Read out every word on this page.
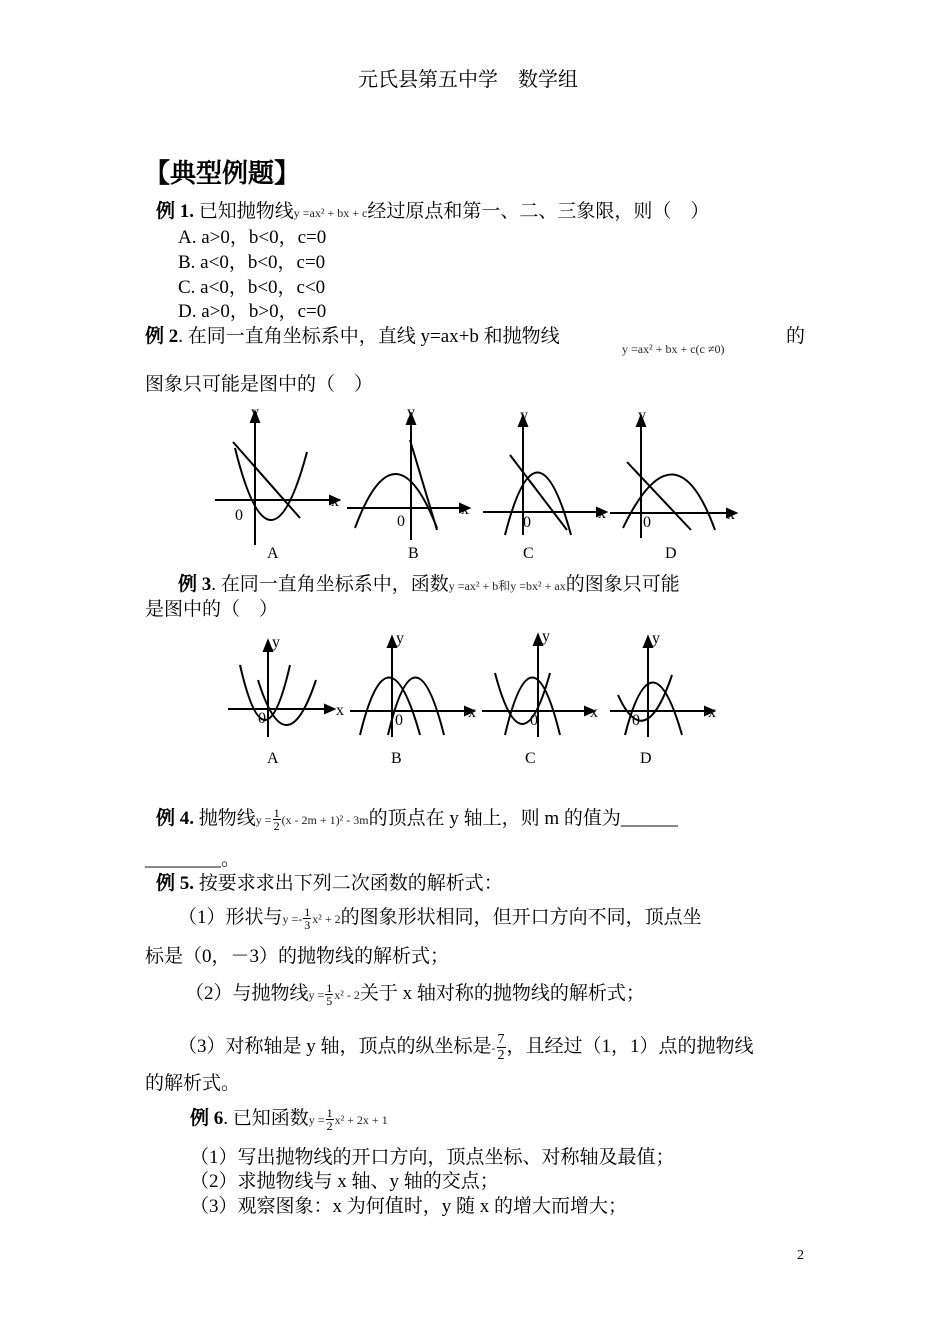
元氏县第五中学　数学组
【典型例题】
例 1. 已知抛物线y =ax² + bx + c经过原点和第一、二、三象限，则（　）
A. a>0，b<0，c=0
B. a<0，b<0，c=0
C. a<0，b<0，c<0
D. a>0，b>0，c=0
例 2. 在同一直角坐标系中，直线 y=ax+b 和抛物线
y =ax² + bx + c(c ≠0)
的
图象只可能是图中的（　）
y
x
0
A
y
x
0
B
y
x
0
C
y
x
0
D
例 3. 在同一直角坐标系中，函数y =ax² + b和y =bx² + ax的图象只可能
是图中的（　）
y
x
0
A
y
x
0
B
y
x
0
C
y
x
0
D
例 4. 抛物线$y = \frac{1}{2} (x - 2m + 1)^2 - 3m$的顶点在 y 轴上，则 m 的值为______
________。
例 5. 按要求求出下列二次函数的解析式：
（1）形状与$y =- \frac{1}{3} x^2 + 2$的图象形状相同，但开口方向不同，顶点坐
标是（0，－3）的抛物线的解析式；
（2）与抛物线$y = \frac{1}{5} x^2 - 2$关于 x 轴对称的抛物线的解析式；
（3）对称轴是 y 轴，顶点的纵坐标是- $\frac{7}{2}$ ，且经过（1，1）点的抛物线
的解析式。
例 6. 已知函数$y = \frac{1}{2} x^2 + 2x + 1$
（1）写出抛物线的开口方向，顶点坐标、对称轴及最值；
（2）求抛物线与 x 轴、y 轴的交点；
（3）观察图象：x 为何值时，y 随 x 的增大而增大；
2
